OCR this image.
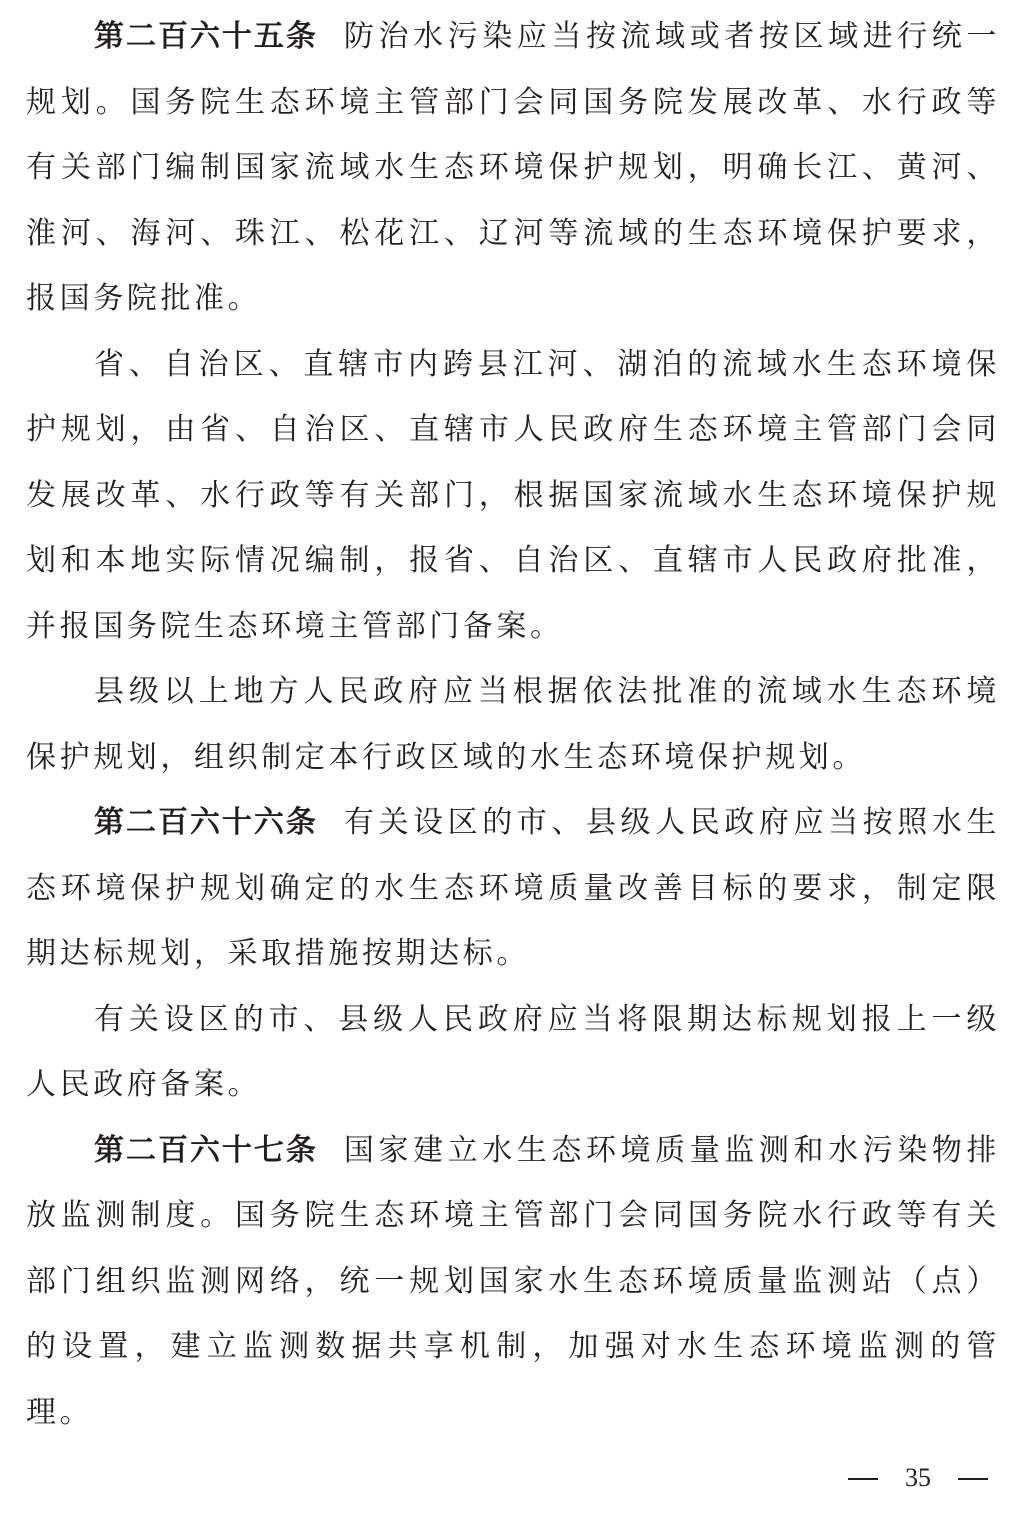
第二百六十五条 防治水污染应当按流域或者按区域进行统一规划。国务院生态环境主管部门会同国务院发展改革、水行政等有关部门编制国家流域水生态环境保护规划，明确长江、黄河、淮河、海河、珠江、松花江、辽河等流域的生态环境保护要求，报国务院批准。

省、自治区、直辖市内跨县江河、湖泊的流域水生态环境保护规划，由省、自治区、直辖市人民政府生态环境主管部门会同发展改革、水行政等有关部门，根据国家流域水生态环境保护规划和本地实际情况编制，报省、自治区、直辖市人民政府批准，并报国务院生态环境主管部门备案。

县级以上地方人民政府应当根据依法批准的流域水生态环境保护规划，组织制定本行政区域的水生态环境保护规划。

第二百六十六条 有关设区的市、县级人民政府应当按照水生态环境保护规划确定的水生态环境质量改善目标的要求，制定限期达标规划，采取措施按期达标。

有关设区的市、县级人民政府应当将限期达标规划报上一级人民政府备案。

第二百六十七条 国家建立水生态环境质量监测和水污染物排放监测制度。国务院生态环境主管部门会同国务院水行政等有关部门组织监测网络，统一规划国家水生态环境质量监测站（点）的设置，建立监测数据共享机制，加强对水生态环境监测的管理。

35
